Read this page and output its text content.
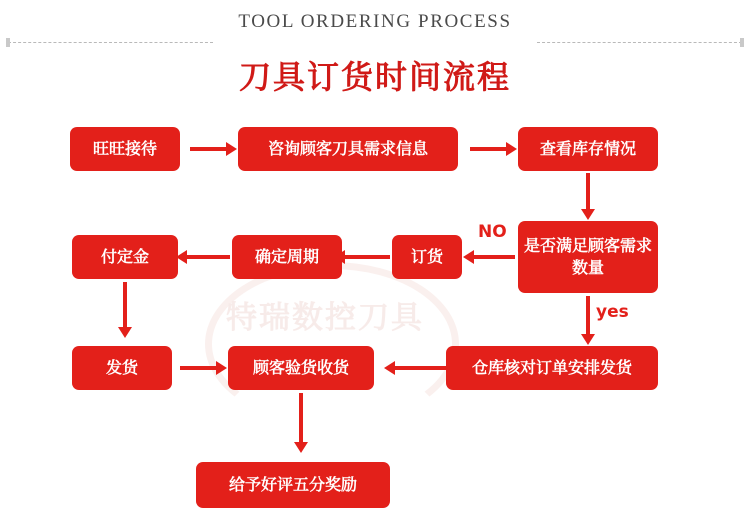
TOOL ORDERING PROCESS
刀具订货时间流程
特瑞数控刀具
旺旺接待	咨询顾客刀具需求信息	查看库存情况
是否满足顾客需求数量
NO
订货
确定周期
付定金
yes
发货	顾客验货收货	仓库核对订单安排发货
给予好评五分奖励
